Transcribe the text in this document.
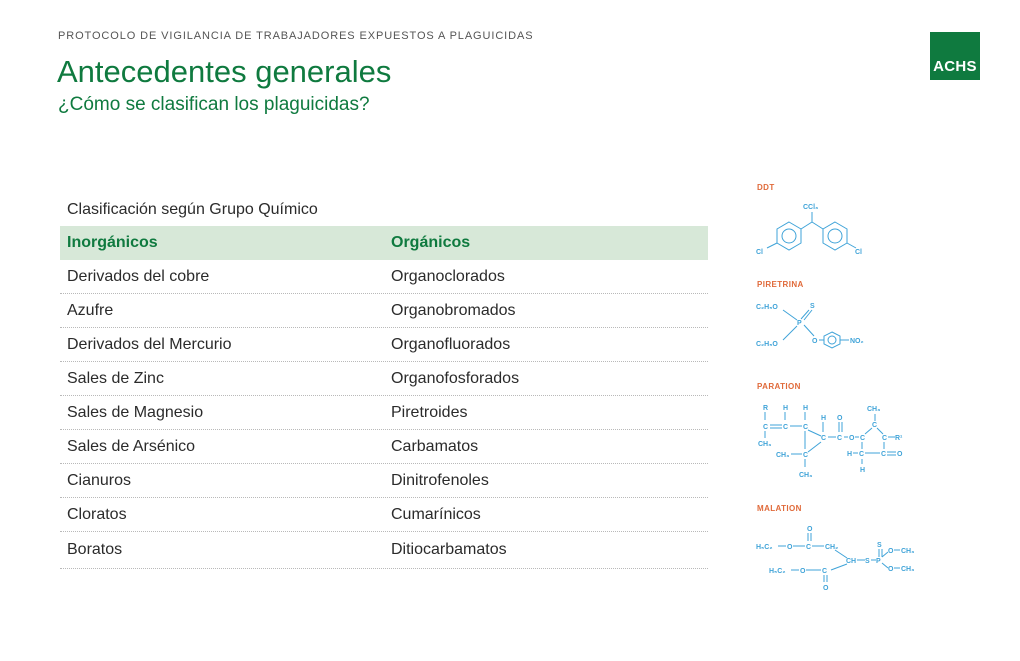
PROTOCOLO DE VIGILANCIA DE TRABAJADORES EXPUESTOS A PLAGUICIDAS
Antecedentes generales
¿Cómo se clasifican los plaguicidas?
ACHS
Clasificación según Grupo Químico
Inorgánicos	Orgánicos
Derivados del cobre	Organoclorados
Azufre	Organobromados
Derivados del Mercurio	Organofluorados
Sales de Zinc	Organofosforados
Sales de Magnesio	Piretroides
Sales de Arsénico	Carbamatos
Cianuros	Dinitrofenoles
Cloratos	Cumarínicos
Boratos	Ditiocarbamatos
DDT
CCl₃
Cl	Cl
PIRETRINA
C₂H₅O	S
P
C₂H₅O	O	NO₂
PARATION
R H H
H O
CH₃
C C C
C C O C
C
C R¹
CH₃
CH₃ C	H C C O
CH₃
H
MALATION
O
S
H₅C₂ O C CH₂
O CH₃
CH S P
H₅C₂ O C	O CH₃
O
